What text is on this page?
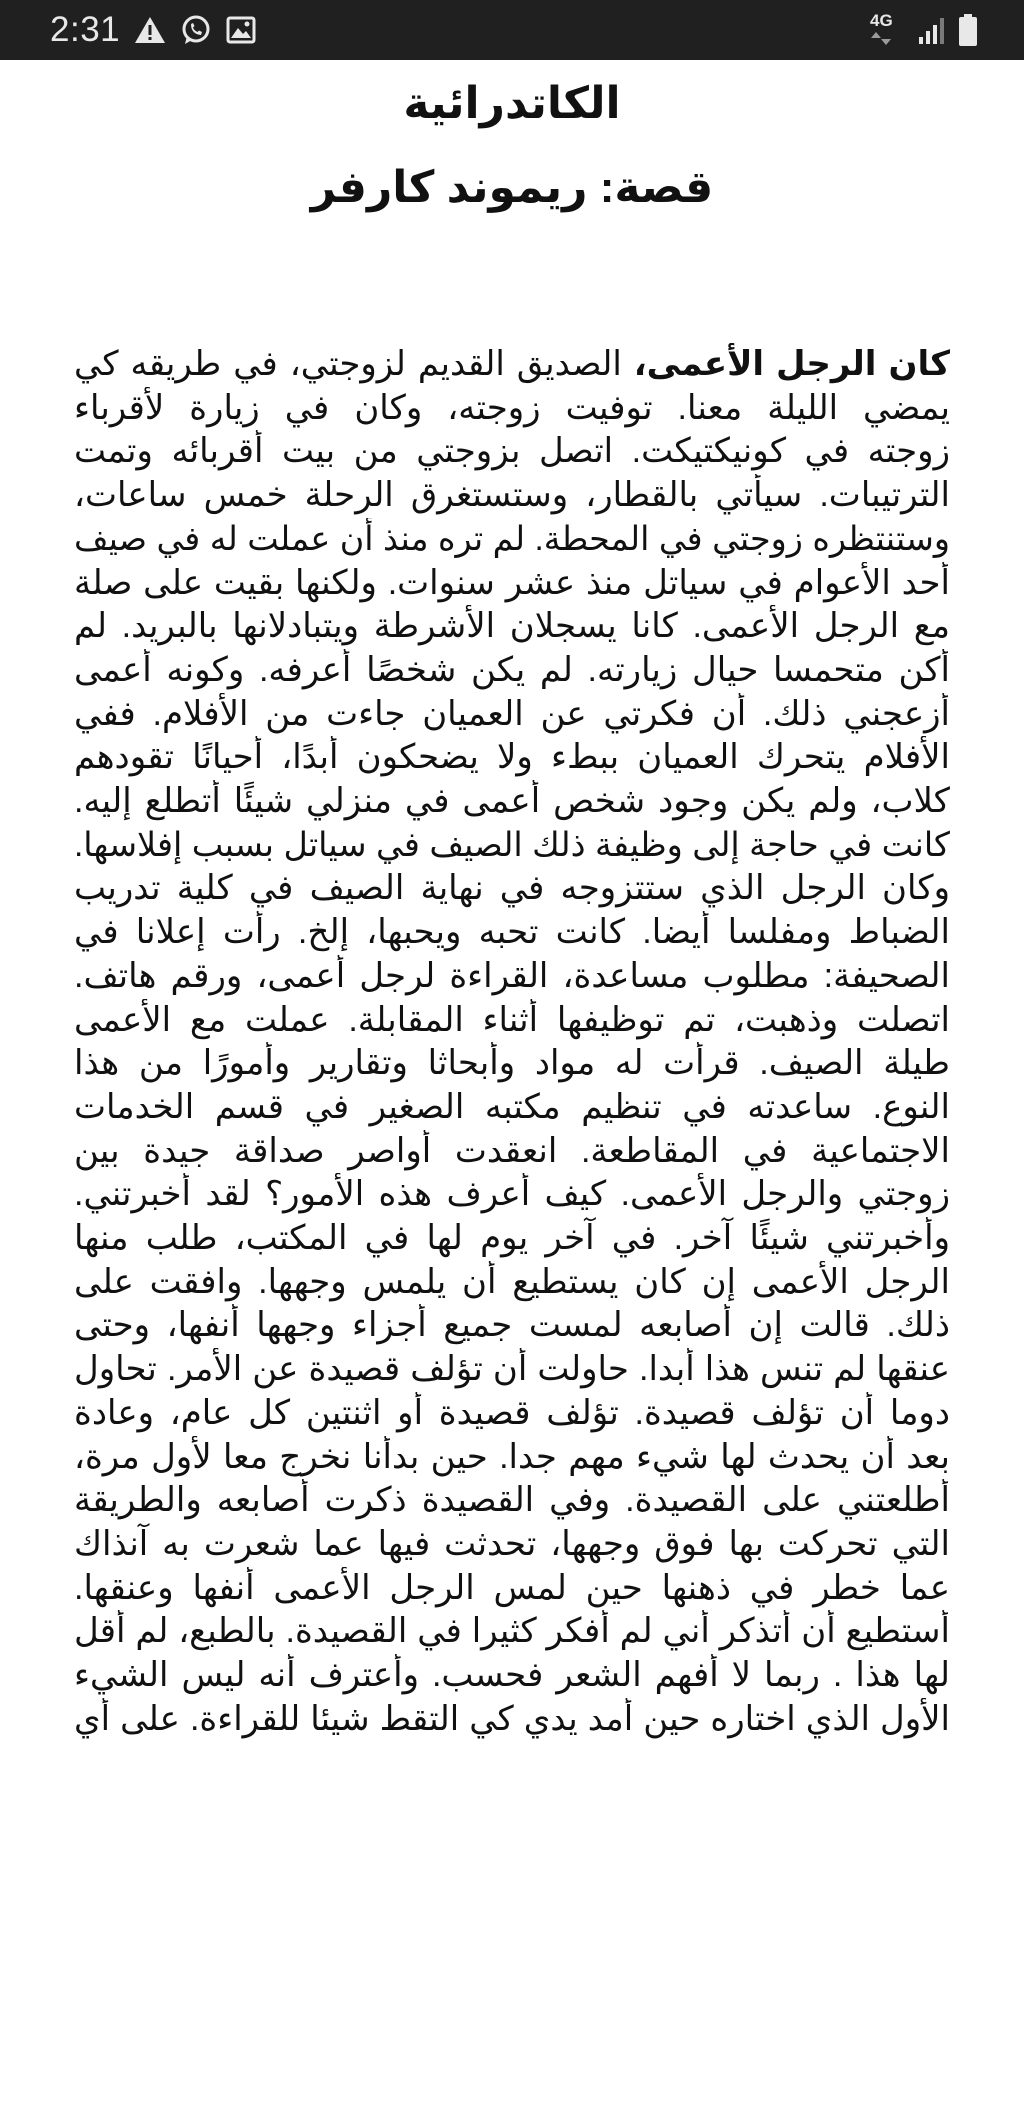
2:31	4G
الكاتدرائية
قصة: ريموند كارفر
كان الرجل الأعمى، الصديق القديم لزوجتي، في طريقه كي
يمضي الليلة معنا. توفيت زوجته، وكان في زيارة لأقرباء
زوجته في كونيكتيكت. اتصل بزوجتي من بيت أقربائه وتمت
الترتيبات. سيأتي بالقطار، وستستغرق الرحلة خمس ساعات،
وستنتظره زوجتي في المحطة. لم تره منذ أن عملت له في صيف
أحد الأعوام في سياتل منذ عشر سنوات. ولكنها بقيت على صلة
مع الرجل الأعمى. كانا يسجلان الأشرطة ويتبادلانها بالبريد. لم
أكن متحمسا حيال زيارته. لم يكن شخصًا أعرفه. وكونه أعمى
أزعجني ذلك. أن فكرتي عن العميان جاءت من الأفلام. ففي
الأفلام يتحرك العميان ببطء ولا يضحكون أبدًا، أحيانًا تقودهم
كلاب، ولم يكن وجود شخص أعمى في منزلي شيئًا أتطلع إليه.
كانت في حاجة إلى وظيفة ذلك الصيف في سياتل بسبب إفلاسها.
وكان الرجل الذي ستتزوجه في نهاية الصيف في كلية تدريب
الضباط ومفلسا أيضا. كانت تحبه ويحبها، إلخ. رأت إعلانا في
الصحيفة: مطلوب مساعدة، القراءة لرجل أعمى، ورقم هاتف.
اتصلت وذهبت، تم توظيفها أثناء المقابلة. عملت مع الأعمى
طيلة الصيف. قرأت له مواد وأبحاثا وتقارير وأمورًا من هذا
النوع. ساعدته في تنظيم مكتبه الصغير في قسم الخدمات
الاجتماعية في المقاطعة. انعقدت أواصر صداقة جيدة بين
زوجتي والرجل الأعمى. كيف أعرف هذه الأمور؟ لقد أخبرتني.
وأخبرتني شيئًا آخر. في آخر يوم لها في المكتب، طلب منها
الرجل الأعمى إن كان يستطيع أن يلمس وجهها. وافقت على
ذلك. قالت إن أصابعه لمست جميع أجزاء وجهها أنفها، وحتى
عنقها لم تنس هذا أبدا. حاولت أن تؤلف قصيدة عن الأمر. تحاول
دوما أن تؤلف قصيدة. تؤلف قصيدة أو اثنتين كل عام، وعادة
بعد أن يحدث لها شيء مهم جدا. حين بدأنا نخرج معا لأول مرة،
أطلعتني على القصيدة. وفي القصيدة ذكرت أصابعه والطريقة
التي تحركت بها فوق وجهها، تحدثت فيها عما شعرت به آنذاك
عما خطر في ذهنها حين لمس الرجل الأعمى أنفها وعنقها.
أستطيع أن أتذكر أني لم أفكر كثيرا في القصيدة. بالطبع، لم أقل
لها هذا . ربما لا أفهم الشعر فحسب. وأعترف أنه ليس الشيء
الأول الذي اختاره حين أمد يدي كي التقط شيئا للقراءة. على أي
